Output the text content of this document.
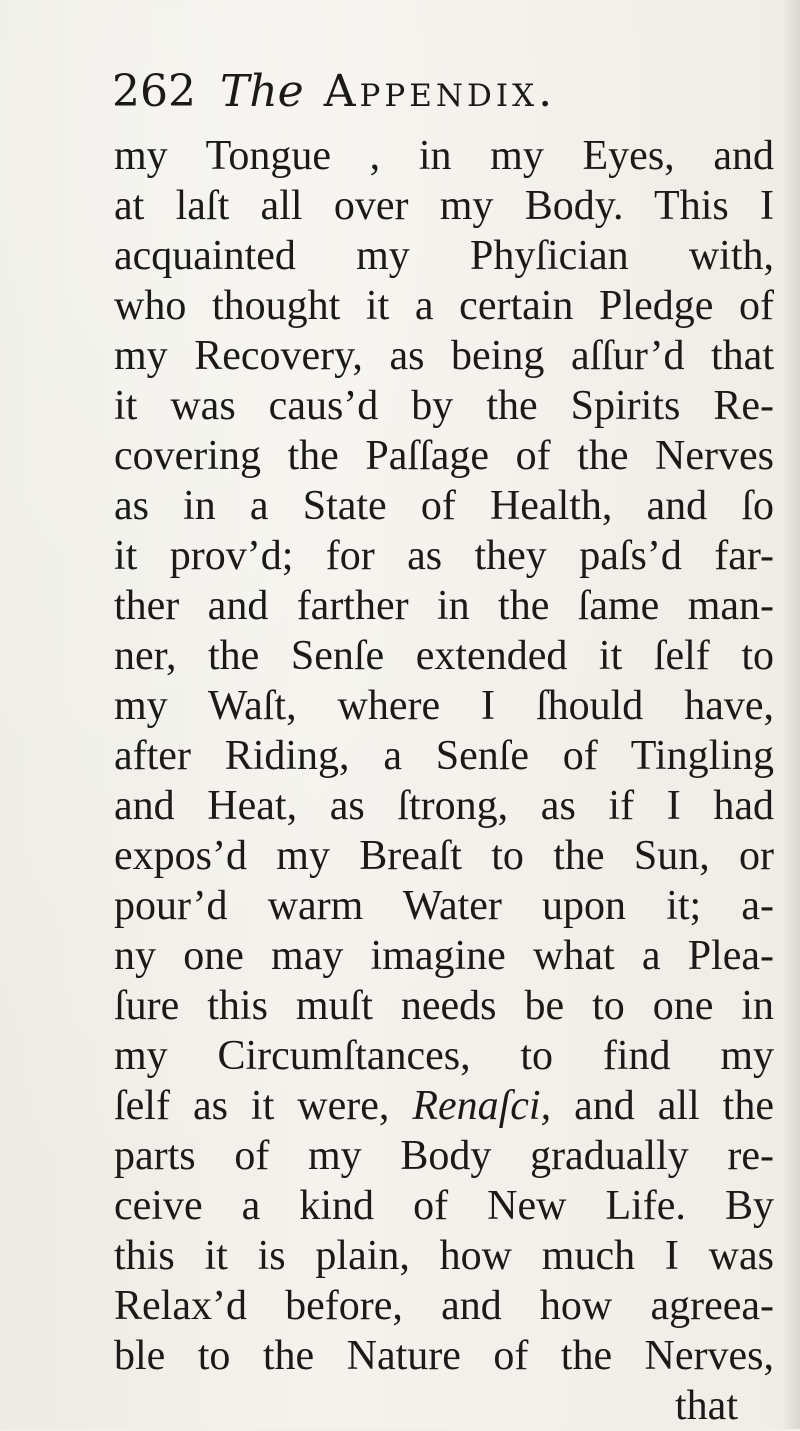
262 The Appendix.
my Tongue , in my Eyes, and
at laſt all over my Body. This I
acquainted my Phyſician with,
who thought it a certain Pledge of
my Recovery, as being aſſur’d that
it was caus’d by the Spirits Re-
covering the Paſſage of the Nerves
as in a State of Health, and ſo
it prov’d; for as they paſs’d far-
ther and farther in the ſame man-
ner, the Senſe extended it ſelf to
my Waſt, where I ſhould have,
after Riding, a Senſe of Tingling
and Heat, as ſtrong, as if I had
expos’d my Breaſt to the Sun, or
pour’d warm Water upon it; a-
ny one may imagine what a Plea-
ſure this muſt needs be to one in
my Circumſtances, to find my
ſelf as it were, Renaſci, and all the
parts of my Body gradually re-
ceive a kind of New Life. By
this it is plain, how much I was
Relax’d before, and how agreea-
ble to the Nature of the Nerves,
that
